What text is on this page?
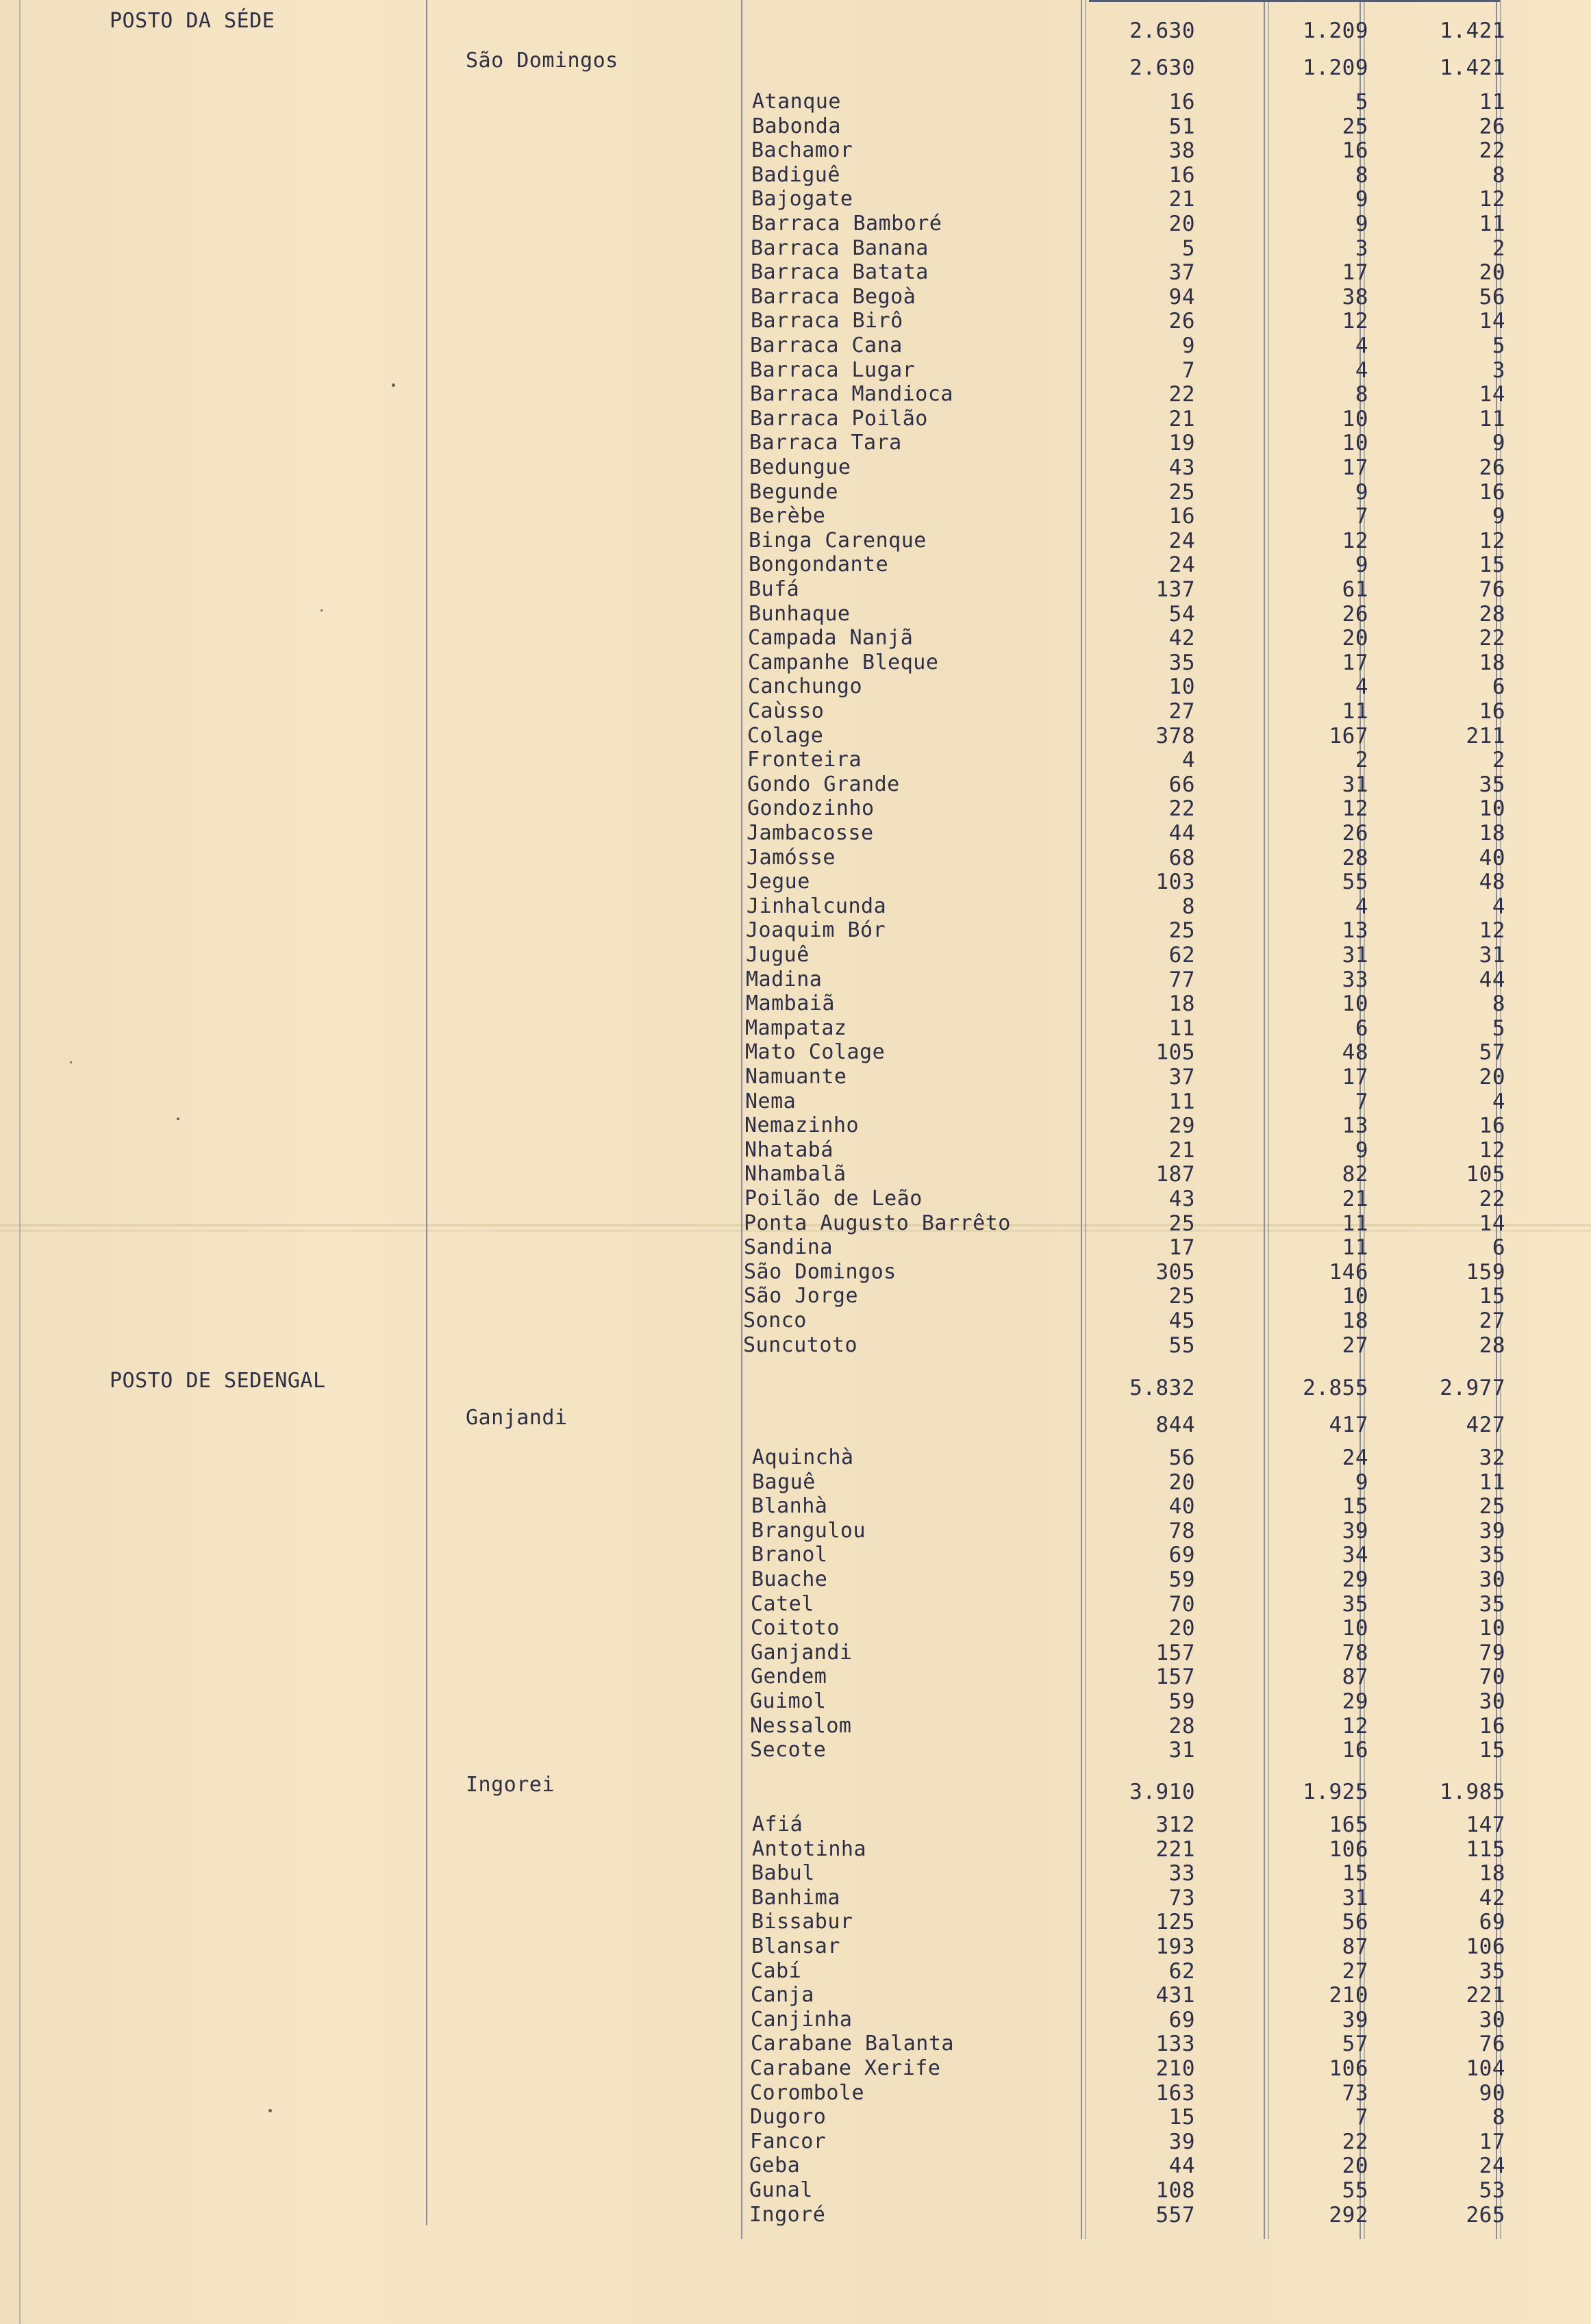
POSTO DA SÉDE	2.630	1.209	1.421
São Domingos	2.630	1.209	1.421
Atanque	16	5	11
Babonda	51	25	26
Bachamor	38	16	22
Badiguê	16	8	8
Bajogate	21	9	12
Barraca Bamboré	20	9	11
Barraca Banana	5	3	2
Barraca Batata	37	17	20
Barraca Begoà	94	38	56
Barraca Birô	26	12	14
Barraca Cana	9	4	5
Barraca Lugar	7	4	3
Barraca Mandioca	22	8	14
Barraca Poilão	21	10	11
Barraca Tara	19	10	9
Bedungue	43	17	26
Begunde	25	9	16
Berèbe	16	7	9
Binga Carenque	24	12	12
Bongondante	24	9	15
Bufá	137	61	76
Bunhaque	54	26	28
Campada Nanjã	42	20	22
Campanhe Bleque	35	17	18
Canchungo	10	4	6
Caùsso	27	11	16
Colage	378	167	211
Fronteira	4	2	2
Gondo Grande	66	31	35
Gondozinho	22	12	10
Jambacosse	44	26	18
Jamósse	68	28	40
Jegue	103	55	48
Jinhalcunda	8	4	4
Joaquim Bór	25	13	12
Juguê	62	31	31
Madina	77	33	44
Mambaiã	18	10	8
Mampataz	11	6	5
Mato Colage	105	48	57
Namuante	37	17	20
Nema	11	7	4
Nemazinho	29	13	16
Nhatabá	21	9	12
Nhambalã	187	82	105
Poilão de Leão	43	21	22
Ponta Augusto Barrêto	25	11	14
Sandina	17	11	6
São Domingos	305	146	159
São Jorge	25	10	15
Sonco	45	18	27
Suncutoto	55	27	28
POSTO DE SEDENGAL	5.832	2.855	2.977
Ganjandi	844	417	427
Aquinchà	56	24	32
Baguê	20	9	11
Blanhà	40	15	25
Brangulou	78	39	39
Branol	69	34	35
Buache	59	29	30
Catel	70	35	35
Coitoto	20	10	10
Ganjandi	157	78	79
Gendem	157	87	70
Guimol	59	29	30
Nessalom	28	12	16
Secote	31	16	15
Ingorei	3.910	1.925	1.985
Afiá	312	165	147
Antotinha	221	106	115
Babul	33	15	18
Banhima	73	31	42
Bissabur	125	56	69
Blansar	193	87	106
Cabí	62	27	35
Canja	431	210	221
Canjinha	69	39	30
Carabane Balanta	133	57	76
Carabane Xerife	210	106	104
Corombole	163	73	90
Dugoro	15	7	8
Fancor	39	22	17
Geba	44	20	24
Gunal	108	55	53
Ingoré	557	292	265
